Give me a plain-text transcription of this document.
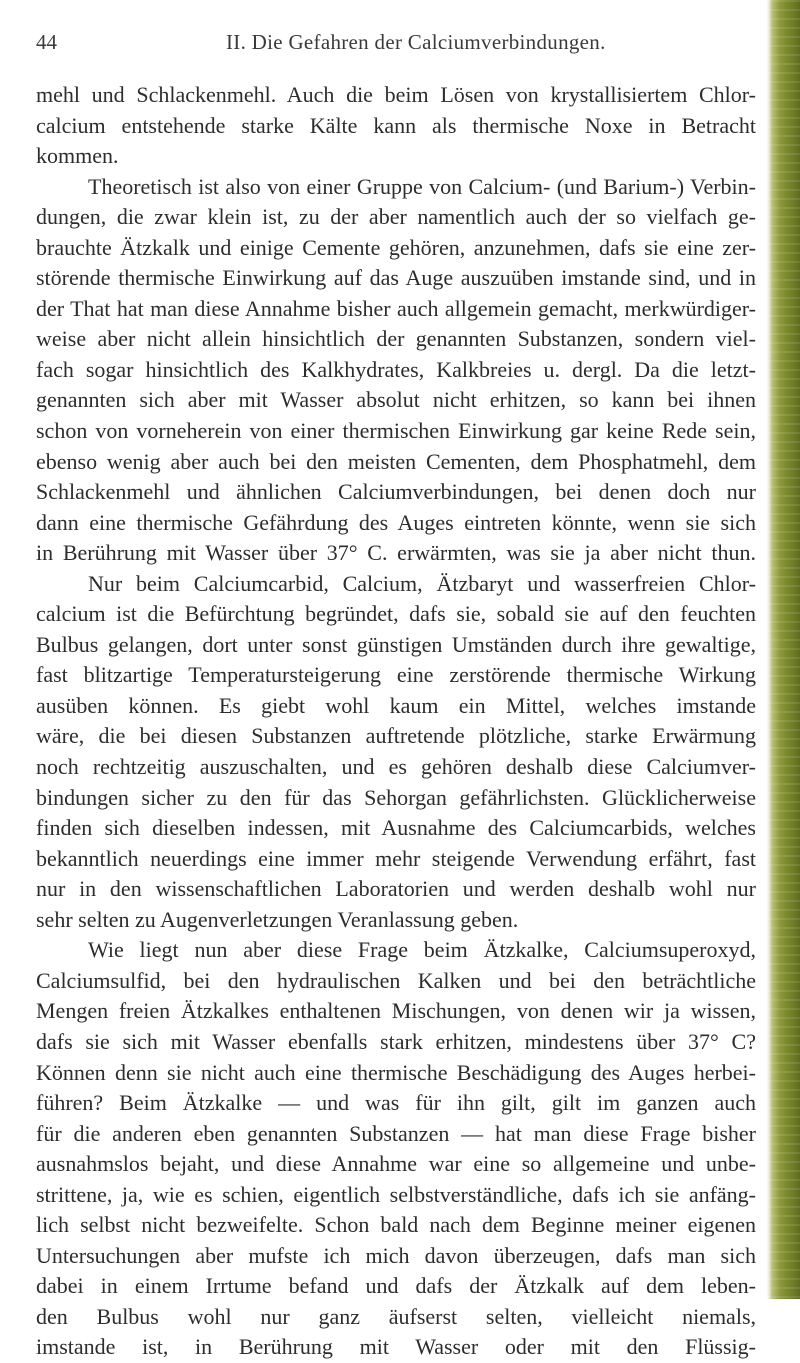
44	II. Die Gefahren der Calciumverbindungen.
mehl und Schlackenmehl. Auch die beim Lösen von krystallisiertem Chlor-
calcium entstehende starke Kälte kann als thermische Noxe in Betracht
kommen.
Theoretisch ist also von einer Gruppe von Calcium- (und Barium-) Verbin-
dungen, die zwar klein ist, zu der aber namentlich auch der so vielfach ge-
brauchte Ätzkalk und einige Cemente gehören, anzunehmen, dafs sie eine zer-
störende thermische Einwirkung auf das Auge auszuüben imstande sind, und in
der That hat man diese Annahme bisher auch allgemein gemacht, merkwürdiger-
weise aber nicht allein hinsichtlich der genannten Substanzen, sondern viel-
fach sogar hinsichtlich des Kalkhydrates, Kalkbreies u. dergl. Da die letzt-
genannten sich aber mit Wasser absolut nicht erhitzen, so kann bei ihnen
schon von vorneherein von einer thermischen Einwirkung gar keine Rede sein,
ebenso wenig aber auch bei den meisten Cementen, dem Phosphatmehl, dem
Schlackenmehl und ähnlichen Calciumverbindungen, bei denen doch nur
dann eine thermische Gefährdung des Auges eintreten könnte, wenn sie sich
in Berührung mit Wasser über 37° C. erwärmten, was sie ja aber nicht thun.
Nur beim Calciumcarbid, Calcium, Ätzbaryt und wasserfreien Chlor-
calcium ist die Befürchtung begründet, dafs sie, sobald sie auf den feuchten
Bulbus gelangen, dort unter sonst günstigen Umständen durch ihre gewaltige,
fast blitzartige Temperatursteigerung eine zerstörende thermische Wirkung
ausüben können. Es giebt wohl kaum ein Mittel, welches imstande
wäre, die bei diesen Substanzen auftretende plötzliche, starke Erwärmung
noch rechtzeitig auszuschalten, und es gehören deshalb diese Calciumver-
bindungen sicher zu den für das Sehorgan gefährlichsten. Glücklicherweise
finden sich dieselben indessen, mit Ausnahme des Calciumcarbids, welches
bekanntlich neuerdings eine immer mehr steigende Verwendung erfährt, fast
nur in den wissenschaftlichen Laboratorien und werden deshalb wohl nur
sehr selten zu Augenverletzungen Veranlassung geben.
Wie liegt nun aber diese Frage beim Ätzkalke, Calciumsuperoxyd,
Calciumsulfid, bei den hydraulischen Kalken und bei den beträchtliche
Mengen freien Ätzkalkes enthaltenen Mischungen, von denen wir ja wissen,
dafs sie sich mit Wasser ebenfalls stark erhitzen, mindestens über 37° C?
Können denn sie nicht auch eine thermische Beschädigung des Auges herbei-
führen? Beim Ätzkalke — und was für ihn gilt, gilt im ganzen auch
für die anderen eben genannten Substanzen — hat man diese Frage bisher
ausnahmslos bejaht, und diese Annahme war eine so allgemeine und unbe-
strittene, ja, wie es schien, eigentlich selbstverständliche, dafs ich sie anfäng-
lich selbst nicht bezweifelte. Schon bald nach dem Beginne meiner eigenen
Untersuchungen aber mufste ich mich davon überzeugen, dafs man sich
dabei in einem Irrtume befand und dafs der Ätzkalk auf dem leben-
den Bulbus wohl nur ganz äufserst selten, vielleicht niemals,
imstande ist, in Berührung mit Wasser oder mit den Flüssig-
